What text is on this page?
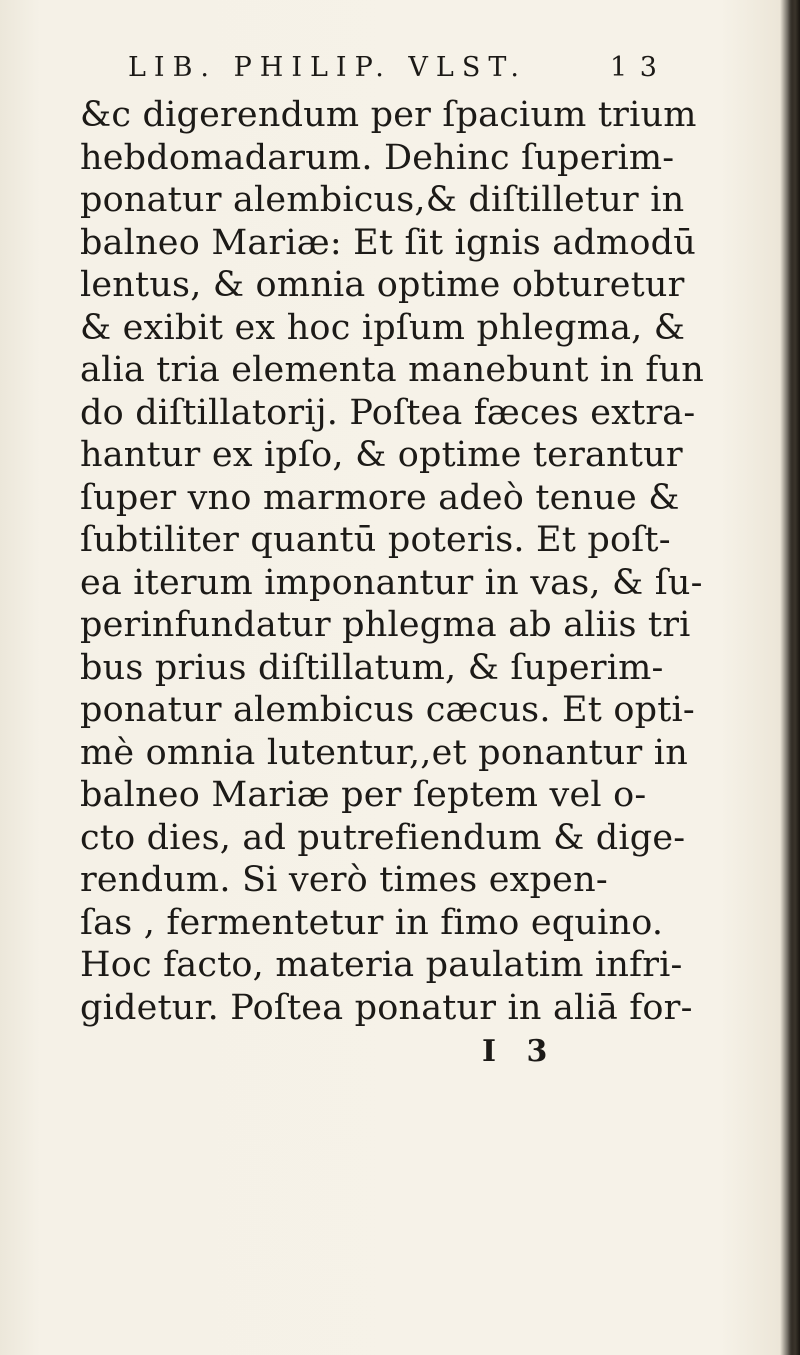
LIB. PHILIP. VLST.	1 3
&c digerendum per ſpacium trium
hebdomadarum. Dehinc ſuperim-
ponatur alembicus,& diſtilletur in
balneo Mariæ: Et ſit ignis admodū
lentus, & omnia optime obturetur
& exibit ex hoc ipſum phlegma, &
alia tria elementa manebunt in fun
do diſtillatorij. Poſtea fæces extra-
hantur ex ipſo, & optime terantur
ſuper vno marmore adeò tenue &
ſubtiliter quantū poteris. Et poſt-
ea iterum imponantur in vas, & ſu-
perinfundatur phlegma ab aliis tri
bus prius diſtillatum, & ſuperim-
ponatur alembicus cæcus. Et opti-
mè omnia lutentur,,et ponantur in
balneo Mariæ per ſeptem vel o-
cto dies, ad putrefiendum & dige-
rendum. Si verò times expen-
ſas , fermentetur in fimo equino.
Hoc facto, materia paulatim infri-
gidetur. Poſtea ponatur in aliā for-
I 3
